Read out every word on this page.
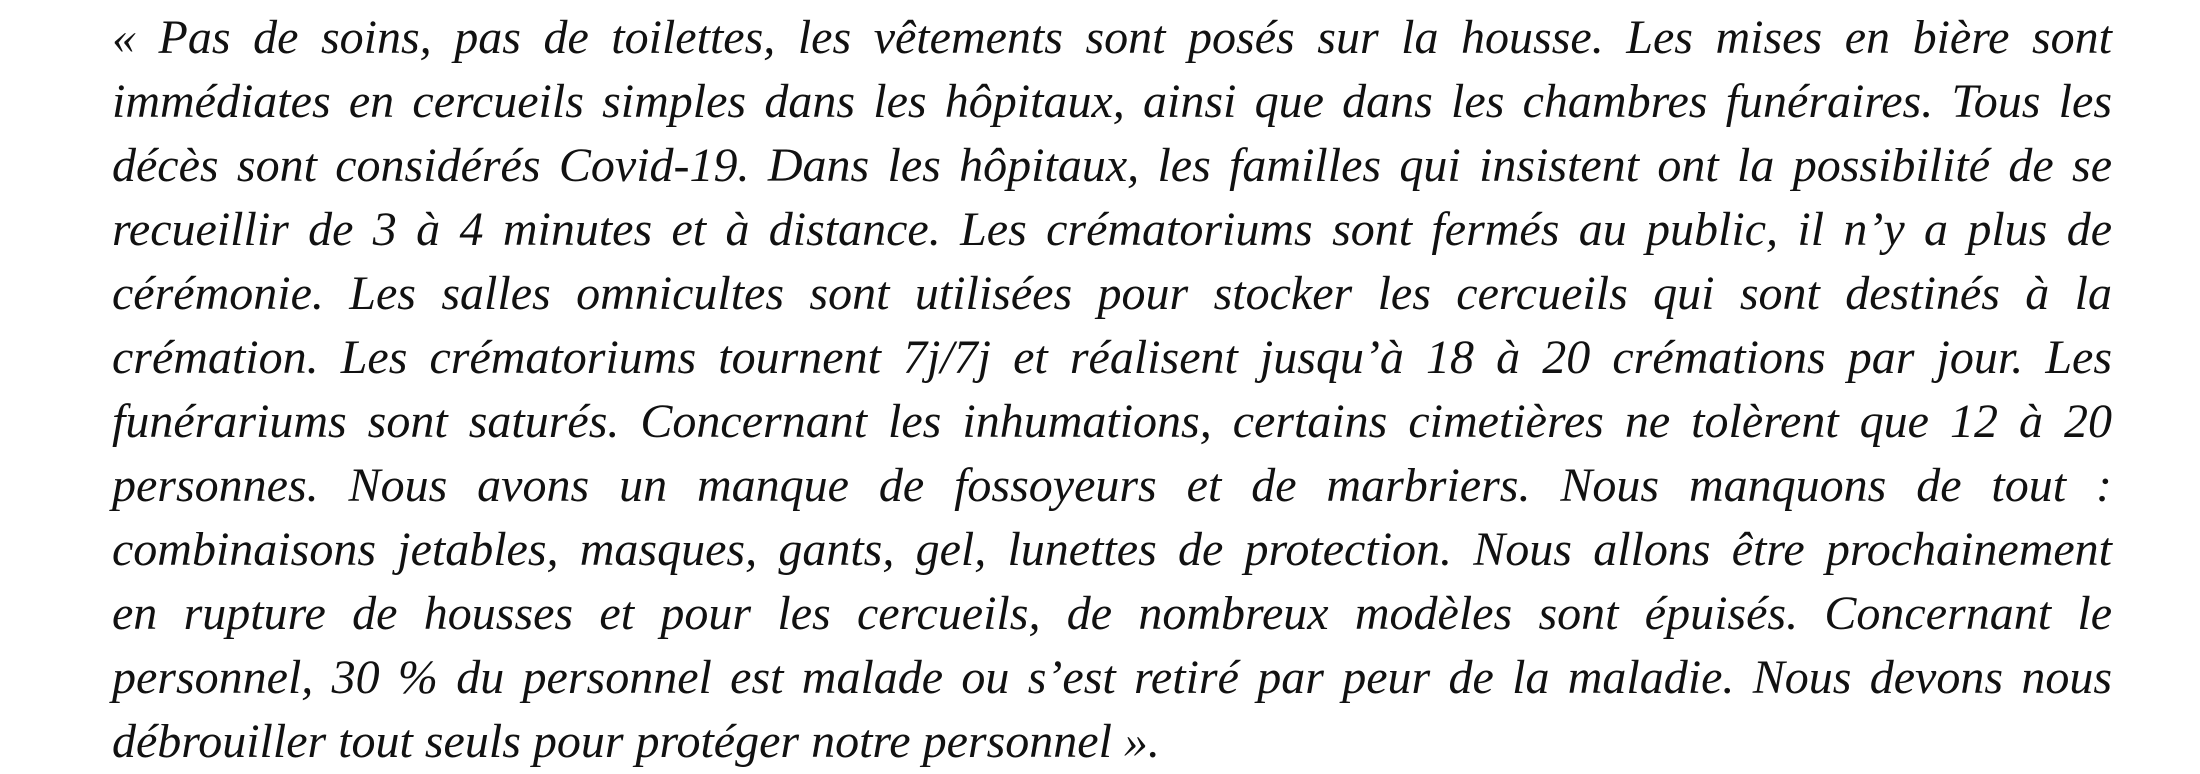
« Pas de soins, pas de toilettes, les vêtements sont posés sur la housse. Les mises en bière sont
immédiates en cercueils simples dans les hôpitaux, ainsi que dans les chambres funéraires. Tous les
décès sont considérés Covid-19. Dans les hôpitaux, les familles qui insistent ont la possibilité de se
recueillir de 3 à 4 minutes et à distance. Les crématoriums sont fermés au public, il n’y a plus de
cérémonie. Les salles omnicultes sont utilisées pour stocker les cercueils qui sont destinés à la
crémation. Les crématoriums tournent 7j/7j et réalisent jusqu’à 18 à 20 crémations par jour. Les
funérariums sont saturés. Concernant les inhumations, certains cimetières ne tolèrent que 12 à 20
personnes. Nous avons un manque de fossoyeurs et de marbriers. Nous manquons de tout :
combinaisons jetables, masques, gants, gel, lunettes de protection. Nous allons être prochainement
en rupture de housses et pour les cercueils, de nombreux modèles sont épuisés. Concernant le
personnel, 30 % du personnel est malade ou s’est retiré par peur de la maladie. Nous devons nous
débrouiller tout seuls pour protéger notre personnel ».
